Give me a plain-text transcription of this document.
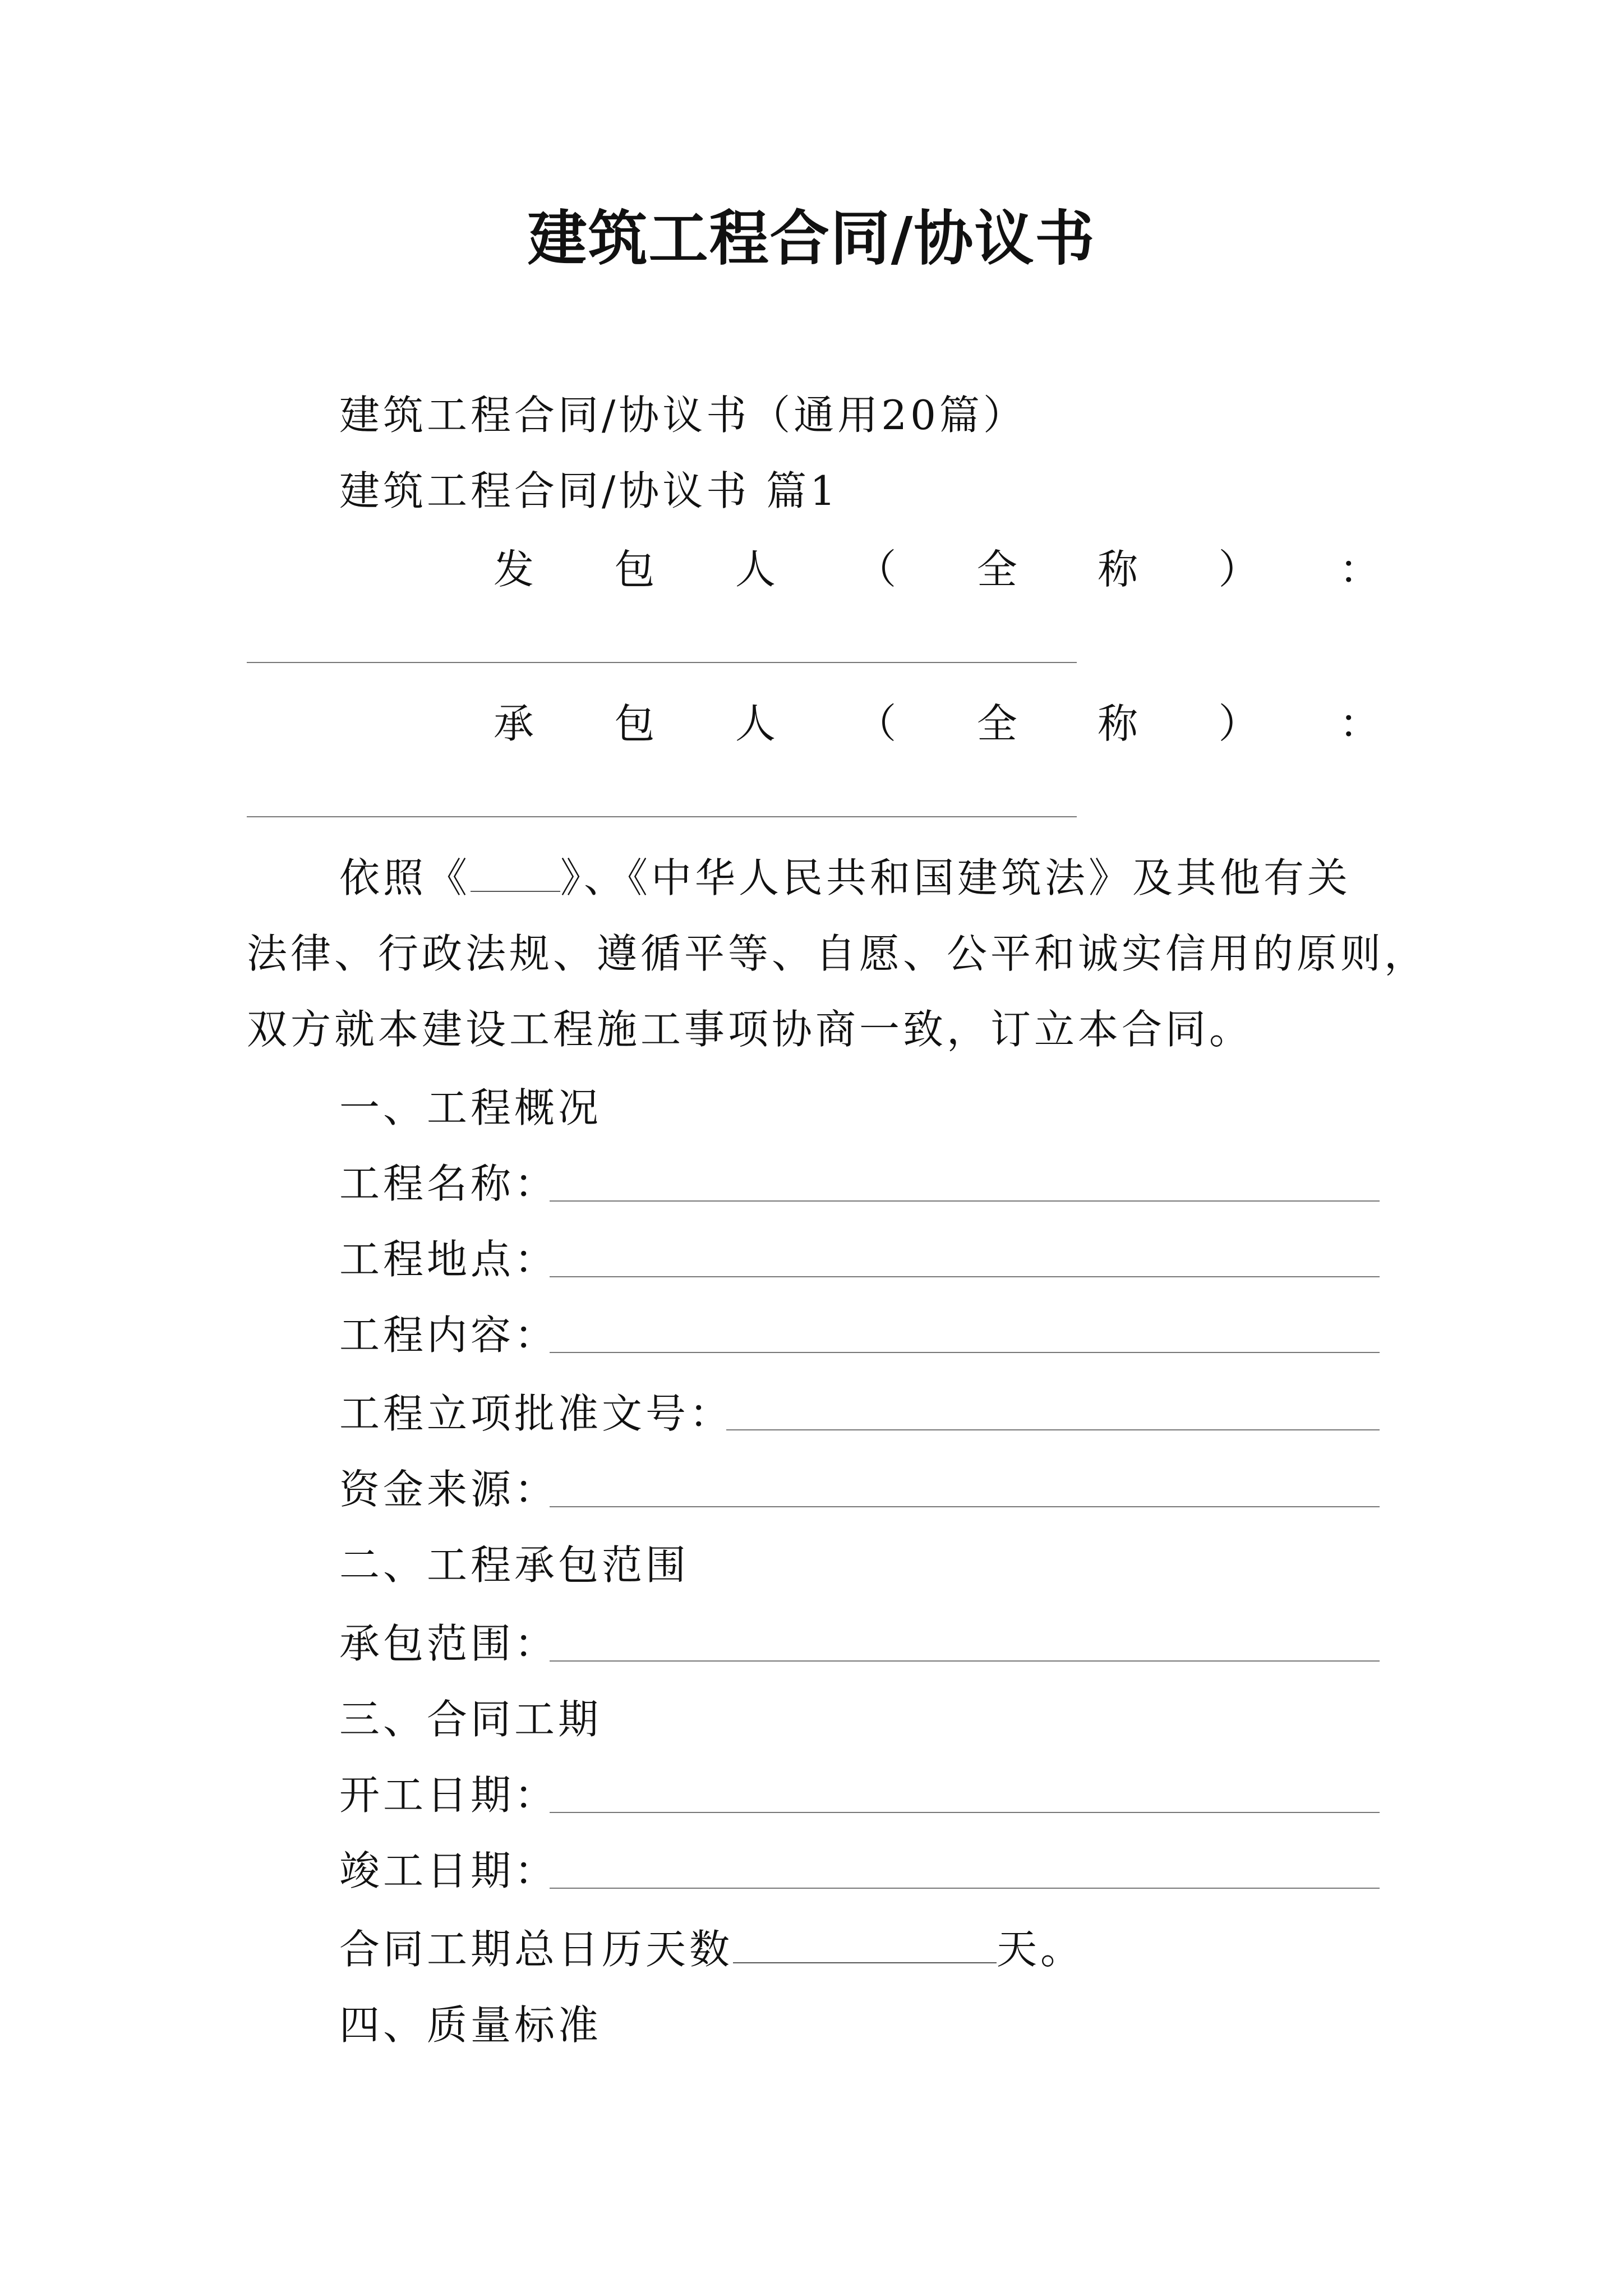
建筑工程合同/协议书
建筑工程合同/协议书（通用20篇）
建筑工程合同/协议书 篇1
发 包 人 （ 全 称 ） ：
承 包 人 （ 全 称 ） ：
依照《 》、《中华人民共和国建筑法》及其他有关
法律、行政法规、遵循平等、自愿、公平和诚实信用的原则，
双方就本建设工程施工事项协商一致，订立本合同。
一、工程概况
工程名称：
工程地点：
工程内容：
工程立项批准文号：
资金来源：
二、工程承包范围
承包范围：
三、合同工期
开工日期：
竣工日期：
合同工期总日历天数	天。
四、质量标准
